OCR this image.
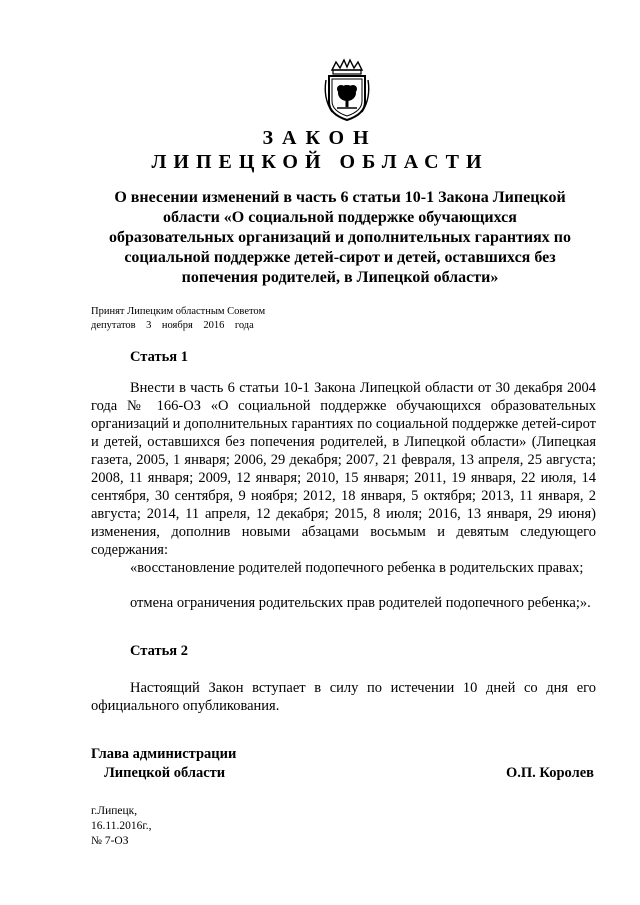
ЗАКОН
ЛИПЕЦКОЙ ОБЛАСТИ
О внесении изменений в часть 6 статьи 10-1 Закона Липецкой
области «О социальной поддержке обучающихся
образовательных организаций и дополнительных гарантиях по
социальной поддержке детей-сирот и детей, оставшихся без
попечения родителей, в Липецкой области»
Принят Липецким областным Советом
депутатов 3 ноября 2016 года
Статья 1
Внести в часть 6 статьи 10-1 Закона Липецкой области от 30 декабря 2004 года № 166-ОЗ «О социальной поддержке обучающихся образовательных организаций и дополнительных гарантиях по социальной поддержке детей-сирот и детей, оставшихся без попечения родителей, в Липецкой области» (Липецкая газета, 2005, 1 января; 2006, 29 декабря; 2007, 21 февраля, 13 апреля, 25 августа; 2008, 11 января; 2009, 12 января; 2010, 15 января; 2011, 19 января, 22 июля, 14 сентября, 30 сентября, 9 ноября; 2012, 18 января, 5 октября; 2013, 11 января, 2 августа; 2014, 11 апреля, 12 декабря; 2015, 8 июля; 2016, 13 января, 29 июня) изменения, дополнив новыми абзацами восьмым и девятым следующего содержания:
«восстановление родителей подопечного ребенка в родительских правах;
отмена ограничения родительских прав родителей подопечного ребенка;».
Статья 2
Настоящий Закон вступает в силу по истечении 10 дней со дня его официального опубликования.
Глава администрации
Липецкой области	О.П. Королев
г.Липецк,
16.11.2016г.,
№ 7-ОЗ
